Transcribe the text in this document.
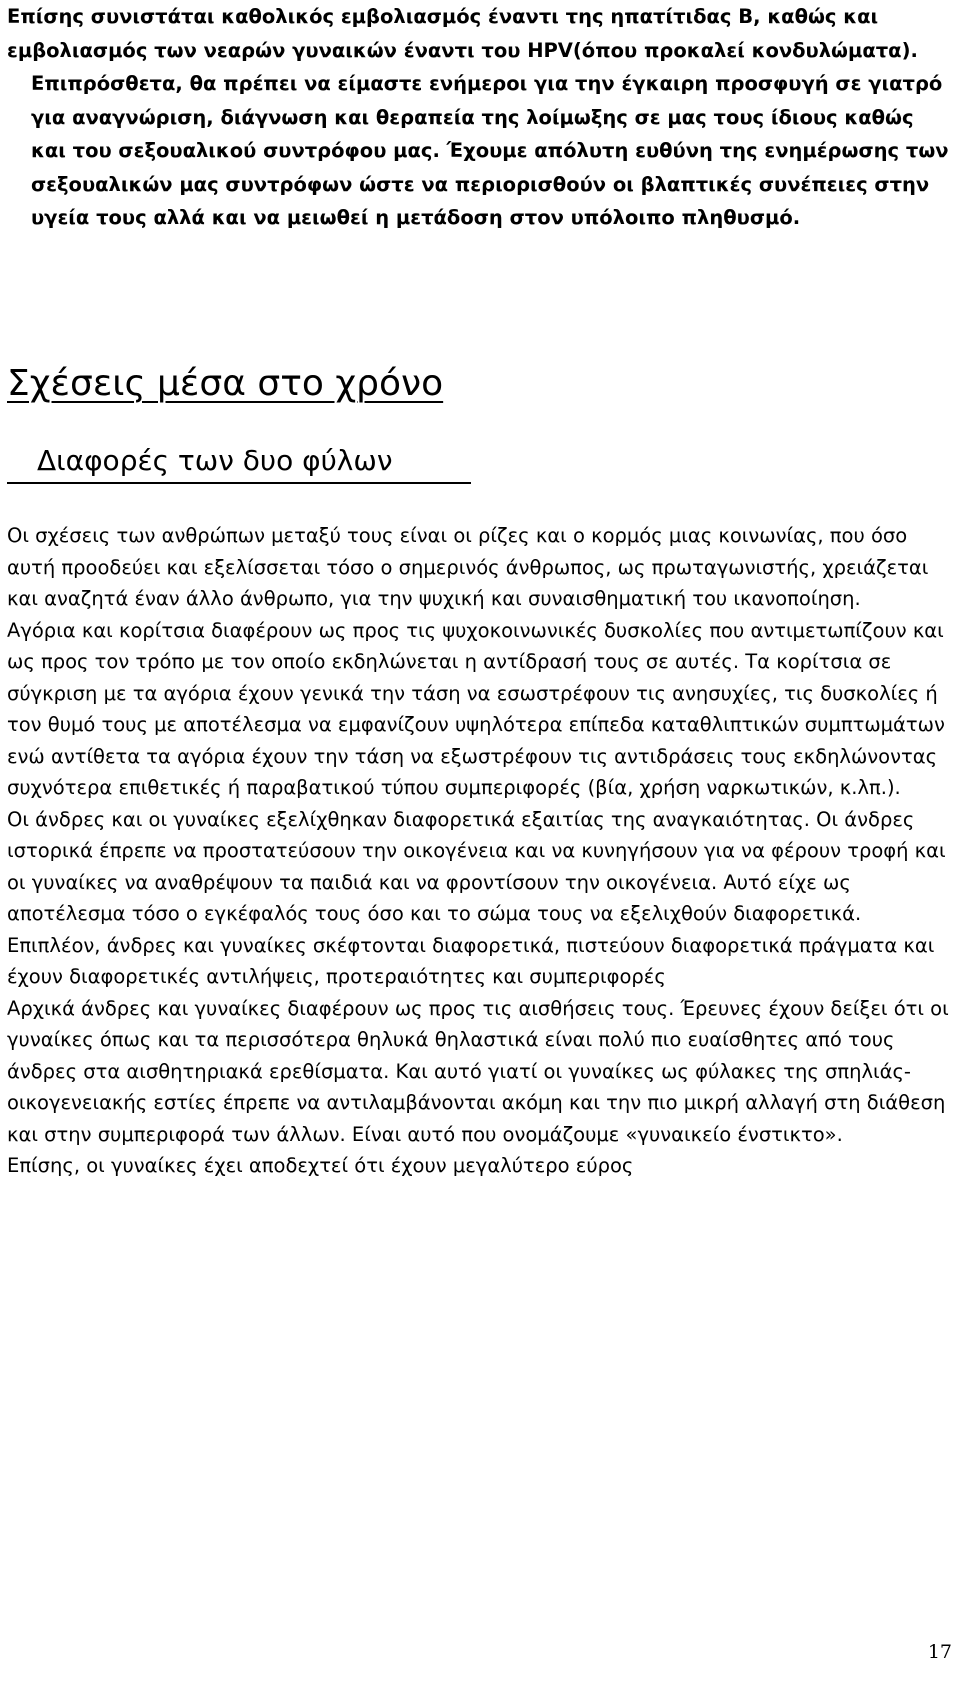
Επίσης συνιστάται καθολικός εμβολιασμός έναντι της ηπατίτιδας Β, καθώς και εμβολιασμός των νεαρών γυναικών έναντι του HPV(όπου προκαλεί κονδυλώματα).

Επιπρόσθετα, θα πρέπει να είμαστε ενήμεροι για την έγκαιρη προσφυγή σε γιατρό για αναγνώριση, διάγνωση και θεραπεία της λοίμωξης σε μας τους ίδιους καθώς και του σεξουαλικού συντρόφου μας. Έχουμε απόλυτη ευθύνη της ενημέρωσης των σεξουαλικών μας συντρόφων ώστε να περιορισθούν οι βλαπτικές συνέπειες στην υγεία τους αλλά και να μειωθεί η μετάδοση στον υπόλοιπο πληθυσμό.

Σχέσεις μέσα στο χρόνο
Διαφορές των δυο φύλων

Οι σχέσεις των ανθρώπων μεταξύ τους είναι οι ρίζες και ο κορμός μιας κοινωνίας, που όσο αυτή προοδεύει και εξελίσσεται τόσο ο σημερινός άνθρωπος, ως πρωταγωνιστής, χρειάζεται και αναζητά έναν άλλο άνθρωπο, για την ψυχική και συναισθηματική του ικανοποίηση.

Αγόρια και κορίτσια διαφέρουν ως προς τις ψυχοκοινωνικές δυσκολίες που αντιμετωπίζουν και ως προς τον τρόπο με τον οποίο εκδηλώνεται η αντίδρασή τους σε αυτές. Τα κορίτσια σε σύγκριση με τα αγόρια έχουν γενικά την τάση να εσωστρέφουν τις ανησυχίες, τις δυσκολίες ή τον θυμό τους με αποτέλεσμα να εμφανίζουν υψηλότερα επίπεδα καταθλιπτικών συμπτωμάτων ενώ αντίθετα τα αγόρια έχουν την τάση να εξωστρέφουν τις αντιδράσεις τους εκδηλώνοντας συχνότερα επιθετικές ή παραβατικού τύπου συμπεριφορές (βία, χρήση ναρκωτικών, κ.λπ.).

Οι άνδρες και οι γυναίκες εξελίχθηκαν διαφορετικά εξαιτίας της αναγκαιότητας. Οι άνδρες ιστορικά έπρεπε να προστατεύσουν την οικογένεια και να κυνηγήσουν για να φέρουν τροφή και οι γυναίκες να αναθρέψουν τα παιδιά και να φροντίσουν την οικογένεια. Αυτό είχε ως αποτέλεσμα τόσο ο εγκέφαλός τους όσο και το σώμα τους να εξελιχθούν διαφορετικά. Επιπλέον, άνδρες και γυναίκες σκέφτονται διαφορετικά, πιστεύουν διαφορετικά πράγματα και έχουν διαφορετικές αντιλήψεις, προτεραιότητες και συμπεριφορές

Αρχικά άνδρες και γυναίκες διαφέρουν ως προς τις αισθήσεις τους. Έρευνες έχουν δείξει ότι οι γυναίκες όπως και τα περισσότερα θηλυκά θηλαστικά είναι πολύ πιο ευαίσθητες από τους άνδρες στα αισθητηριακά ερεθίσματα. Και αυτό γιατί οι γυναίκες ως φύλακες της σπηλιάς- οικογενειακής εστίες έπρεπε να αντιλαμβάνονται ακόμη και την πιο μικρή αλλαγή στη διάθεση και στην συμπεριφορά των άλλων. Είναι αυτό που ονομάζουμε «γυναικείο ένστικτο».

Επίσης, οι γυναίκες έχει αποδεχτεί ότι έχουν μεγαλύτερο εύρος

17
